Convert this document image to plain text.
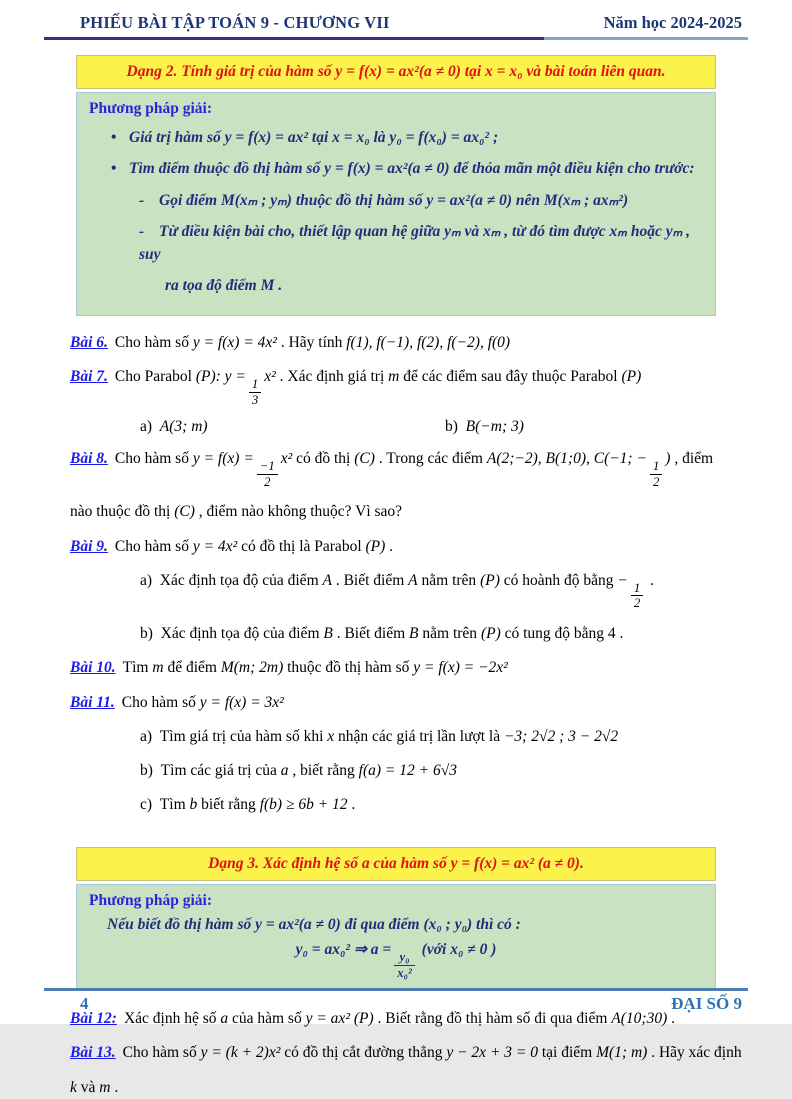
PHIẾU BÀI TẬP TOÁN 9 - CHƯƠNG VII	Năm học 2024-2025
Dạng 2. Tính giá trị của hàm số y = f(x) = ax²(a ≠ 0) tại x = x₀ và bài toán liên quan.
Phương pháp giải:
• Giá trị hàm số y = f(x) = ax² tại x = x₀ là y₀ = f(x₀) = ax₀² ;
• Tìm điểm thuộc đồ thị hàm số y = f(x) = ax²(a ≠ 0) để thỏa mãn một điều kiện cho trước:
- Gọi điểm M(xₘ ; yₘ) thuộc đồ thị hàm số y = ax²(a ≠ 0) nên M(xₘ ; axₘ²)
- Từ điều kiện bài cho, thiết lập quan hệ giữa yₘ và xₘ , từ đó tìm được xₘ hoặc yₘ , suy
ra tọa độ điểm M .
Bài 6. Cho hàm số y = f(x) = 4x² . Hãy tính f(1), f(−1), f(2), f(−2), f(0)
Bài 7. Cho Parabol (P): y =
$\frac{1}{3}$
x² . Xác định giá trị m để các điểm sau đây thuộc Parabol (P)
a) A(3; m)	b) B(−m; 3)
Bài 8. Cho hàm số y = f(x) =
$\frac{-1}{2}$
x² có đồ thị (C) . Trong các điểm A(2;−2), B(1;0), C(−1; −
$\frac{1}{2}$
) , điểm
nào thuộc đồ thị (C) , điểm nào không thuộc? Vì sao?
Bài 9. Cho hàm số y = 4x² có đồ thị là Parabol (P) .
a) Xác định tọa độ của điểm A . Biết điểm A nằm trên (P) có hoành độ bằng −
$\frac{1}{2}$
.
b) Xác định tọa độ của điểm B . Biết điểm B nằm trên (P) có tung độ bằng 4 .
Bài 10. Tìm m để điểm M(m; 2m) thuộc đồ thị hàm số y = f(x) = −2x²
Bài 11. Cho hàm số y = f(x) = 3x²
a) Tìm giá trị của hàm số khi x nhận các giá trị lần lượt là −3; 2√2 ; 3 − 2√2
b) Tìm các giá trị của a , biết rằng f(a) = 12 + 6√3
c) Tìm b biết rằng f(b) ≥ 6b + 12 .
Dạng 3. Xác định hệ số a của hàm số y = f(x) = ax² (a ≠ 0).
Phương pháp giải:
Nếu biết đồ thị hàm số y = ax²(a ≠ 0) đi qua điểm (x₀ ; y₀) thì có :
y₀ = ax₀² ⇒ a =
$\frac{\text{y₀}}{\text{x₀²}}$
(với x₀ ≠ 0 )
Bài 12: Xác định hệ số a của hàm số y = ax² (P) . Biết rằng đồ thị hàm số đi qua điểm A(10;30) .
Bài 13. Cho hàm số y = (k + 2)x² có đồ thị cắt đường thẳng y − 2x + 3 = 0 tại điểm M(1; m) . Hãy xác định
k và m .
4	ĐẠI SỐ 9
